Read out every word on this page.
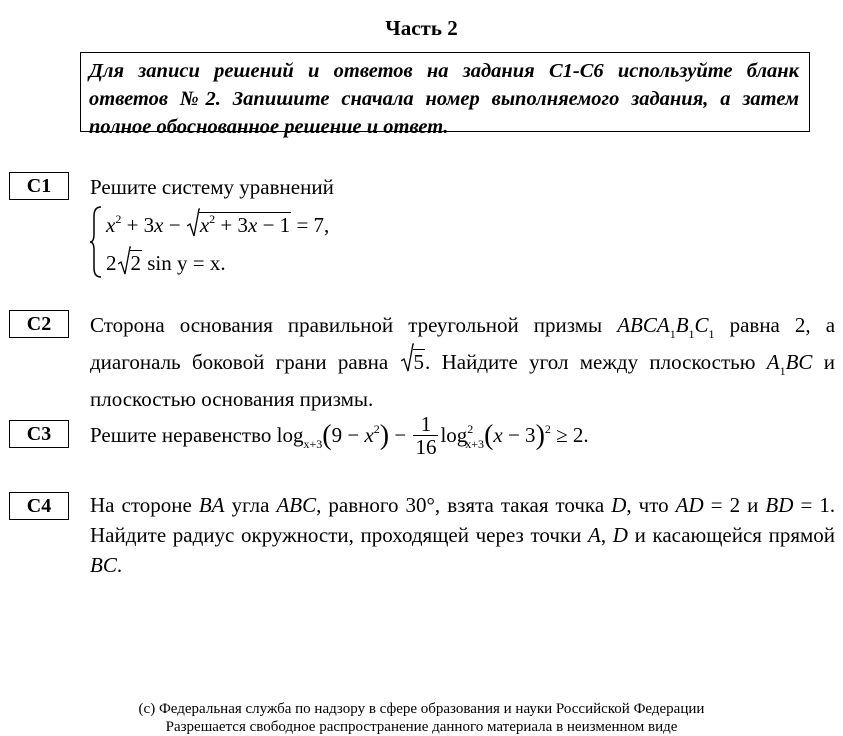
Часть 2
Для записи решений и ответов на задания С1-С6 используйте бланк ответов №2. Запишите сначала номер выполняемого задания, а затем полное обоснованное решение и ответ.
С1	Решите систему уравнений
$x^2 + 3x$ −
$x^2 + 3x - 1 = 7$,
2 2 sin y = x.
С2	Сторона основания правильной треугольной призмы $ABCA_1B_1C_1$ равна 2, а диагональ боковой грани равна 5. Найдите угол между плоскостью $A_1BC$ и плоскостью основания призмы.
С3	Решите неравенство $\log_{x+3}(9 - x^2) - \frac{1}{16} \log^2_{x+3}(x - 3)^2 \ge 2$.
С4	На стороне BA угла ABC, равного 30°, взята такая точка D, что AD = 2 и BD = 1. Найдите радиус окружности, проходящей через точки A, D и касающейся прямой BC.
(с) Федеральная служба по надзору в сфере образования и науки Российской Федерации
Разрешается свободное распространение данного материала в неизменном виде
